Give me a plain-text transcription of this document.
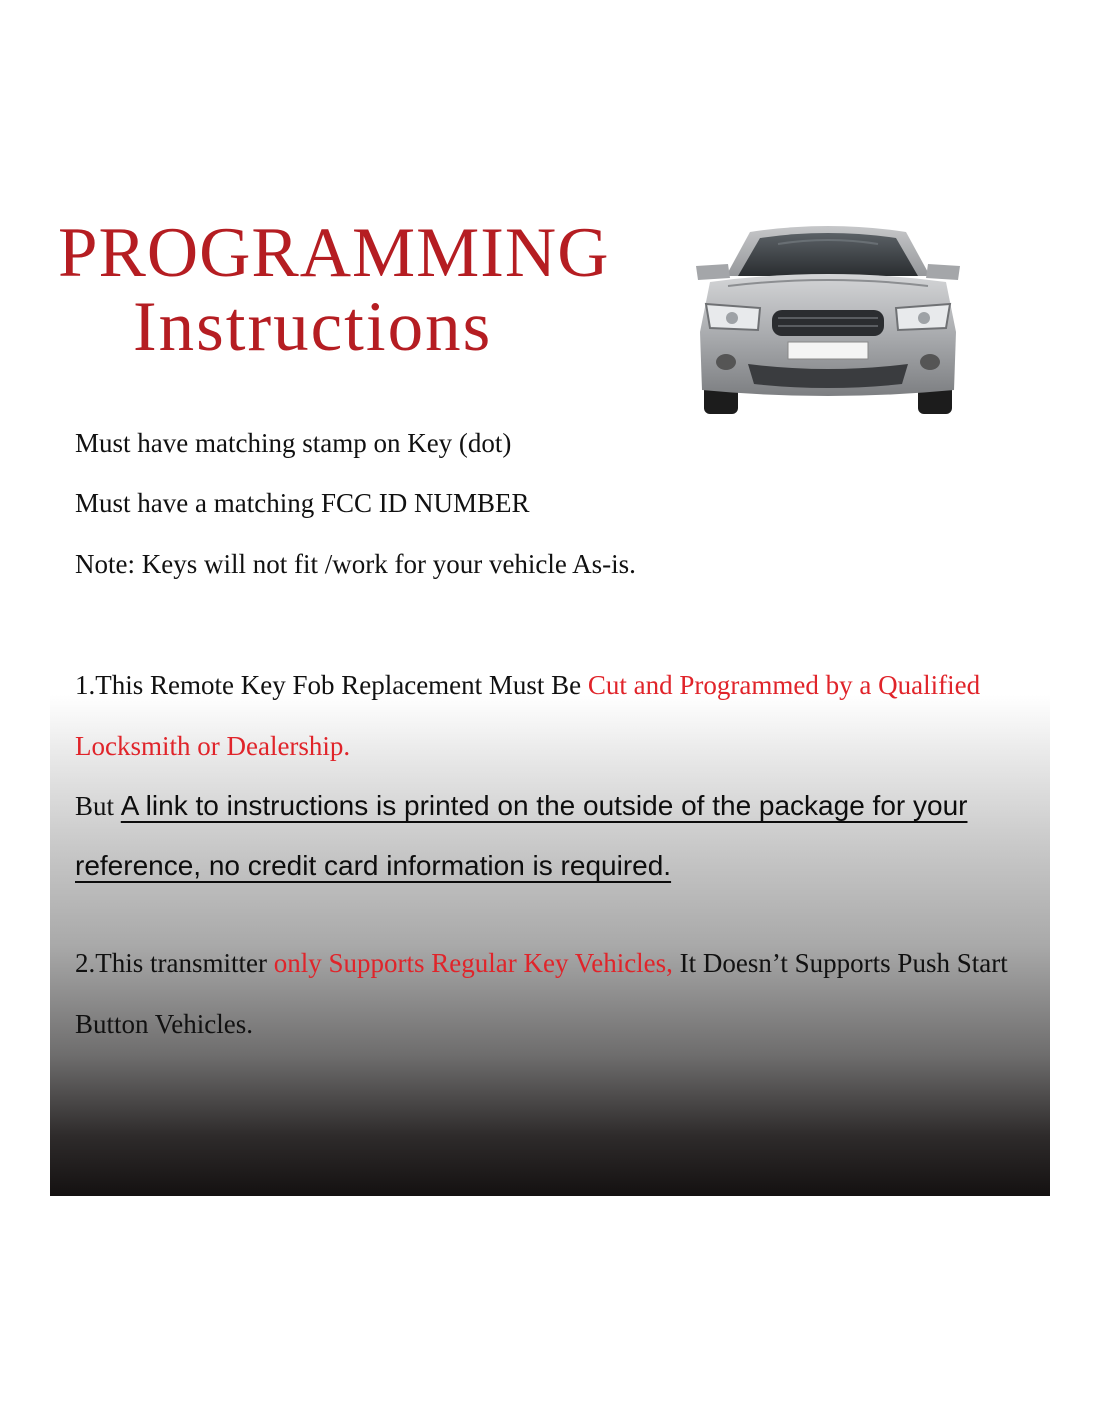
PROGRAMMING
Instructions
Must have matching stamp on Key (dot)
Must have a matching FCC ID NUMBER
Note: Keys will not fit /work for your vehicle As-is.
1.This Remote Key Fob Replacement Must Be Cut and Programmed by a Qualified
Locksmith or Dealership.
But A link to instructions is printed on the outside of the package for your
reference, no credit card information is required.
2.This transmitter only Supports Regular Key Vehicles, It Doesn’t Supports Push Start
Button Vehicles.
